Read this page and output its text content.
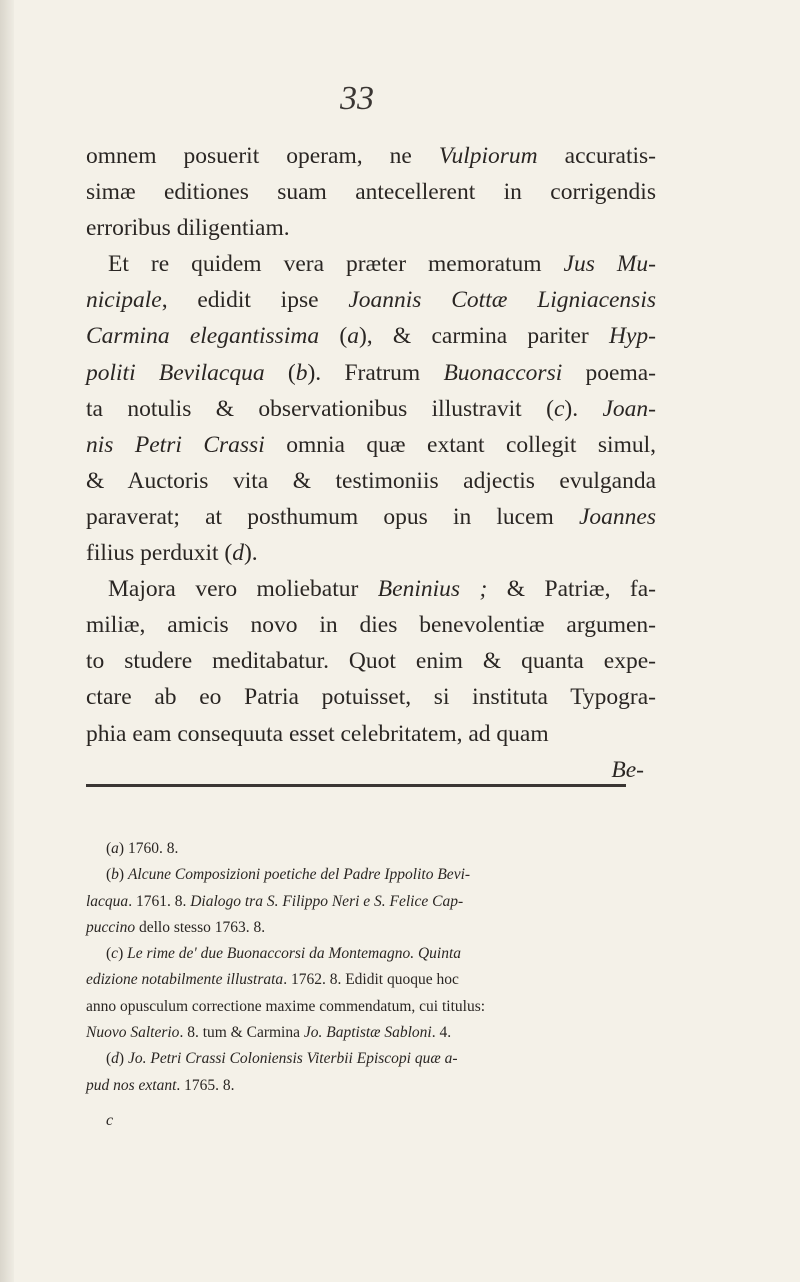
33
omnem posuerit operam, ne Vulpiorum accuratis-
simæ editiones suam antecellerent in corrigendis
erroribus diligentiam.
Et re quidem vera præter memoratum Jus Mu-
nicipale, edidit ipse Joannis Cottæ Ligniacensis
Carmina elegantissima (a), & carmina pariter Hyp-
politi Bevilacqua (b). Fratrum Buonaccorsi poema-
ta notulis & observationibus illustravit (c). Joan-
nis Petri Crassi omnia quæ extant collegit simul,
& Auctoris vita & testimoniis adjectis evulganda
paraverat; at posthumum opus in lucem Joannes
filius perduxit (d).
Majora vero moliebatur Beninius ; & Patriæ, fa-
miliæ, amicis novo in dies benevolentiæ argumen-
to studere meditabatur. Quot enim & quanta expe-
ctare ab eo Patria potuisset, si instituta Typogra-
phia eam consequuta esset celebritatem, ad quam
Be-
(a) 1760. 8.
(b) Alcune Composizioni poetiche del Padre Ippolito Bevi-
lacqua. 1761. 8. Dialogo tra S. Filippo Neri e S. Felice Cap-
puccino dello stesso 1763. 8.
(c) Le rime de' due Buonaccorsi da Montemagno. Quinta
edizione notabilmente illustrata. 1762. 8. Edidit quoque hoc
anno opusculum correctione maxime commendatum, cui titulus:
Nuovo Salterio. 8. tum & Carmina Jo. Baptistæ Sabloni. 4.
(d) Jo. Petri Crassi Coloniensis Viterbii Episcopi quæ a-
pud nos extant. 1765. 8.
c
